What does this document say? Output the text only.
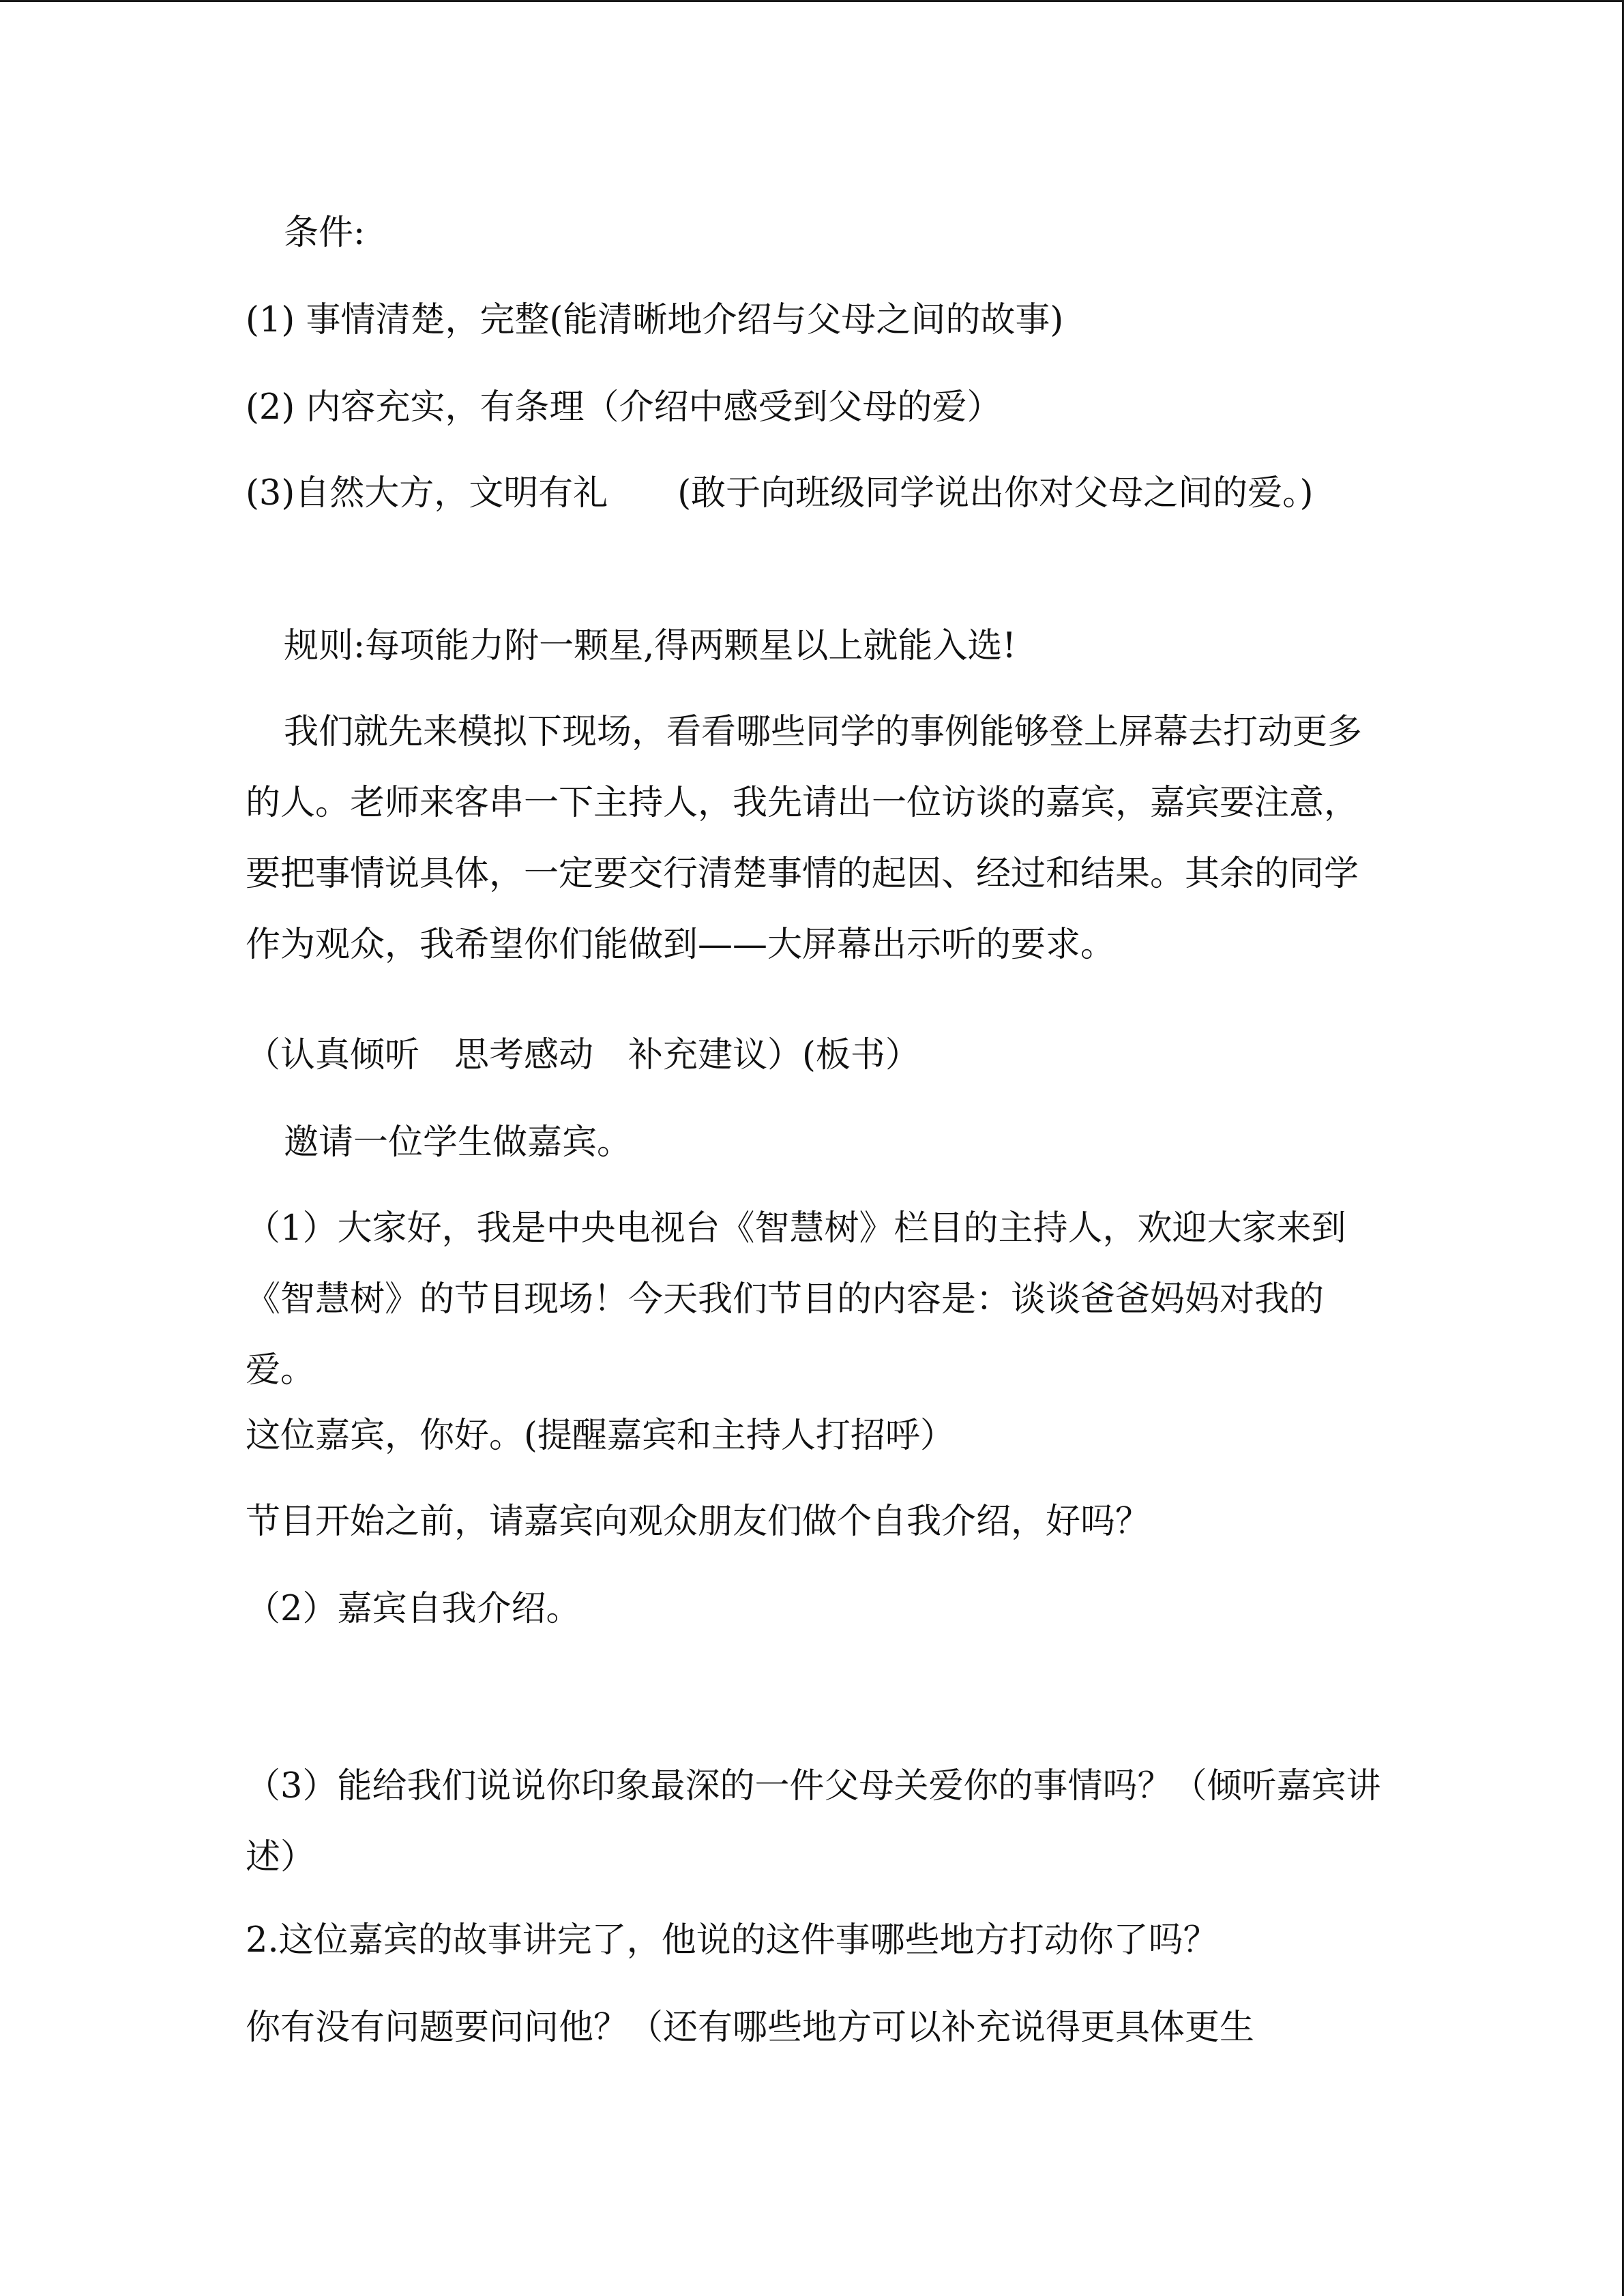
条件:

(1) 事情清楚，完整(能清晰地介绍与父母之间的故事)

(2) 内容充实，有条理（介绍中感受到父母的爱）

(3)自然大方，文明有礼　　(敢于向班级同学说出你对父母之间的爱。)

规则:每项能力附一颗星,得两颗星以上就能入选!

我们就先来模拟下现场，看看哪些同学的事例能够登上屏幕去打动更多的人。老师来客串一下主持人，我先请出一位访谈的嘉宾，嘉宾要注意，要把事情说具体，一定要交行清楚事情的起因、经过和结果。其余的同学作为观众，我希望你们能做到——大屏幕出示听的要求。

（认真倾听　思考感动　补充建议）(板书）

邀请一位学生做嘉宾。

（1）大家好，我是中央电视台《智慧树》栏目的主持人，欢迎大家来到《智慧树》的节目现场！今天我们节目的内容是：谈谈爸爸妈妈对我的爱。

这位嘉宾，你好。(提醒嘉宾和主持人打招呼）

节目开始之前，请嘉宾向观众朋友们做个自我介绍，好吗？

（2）嘉宾自我介绍。

（3）能给我们说说你印象最深的一件父母关爱你的事情吗？（倾听嘉宾讲述）

2.这位嘉宾的故事讲完了，他说的这件事哪些地方打动你了吗？

你有没有问题要问问他？（还有哪些地方可以补充说得更具体更生
